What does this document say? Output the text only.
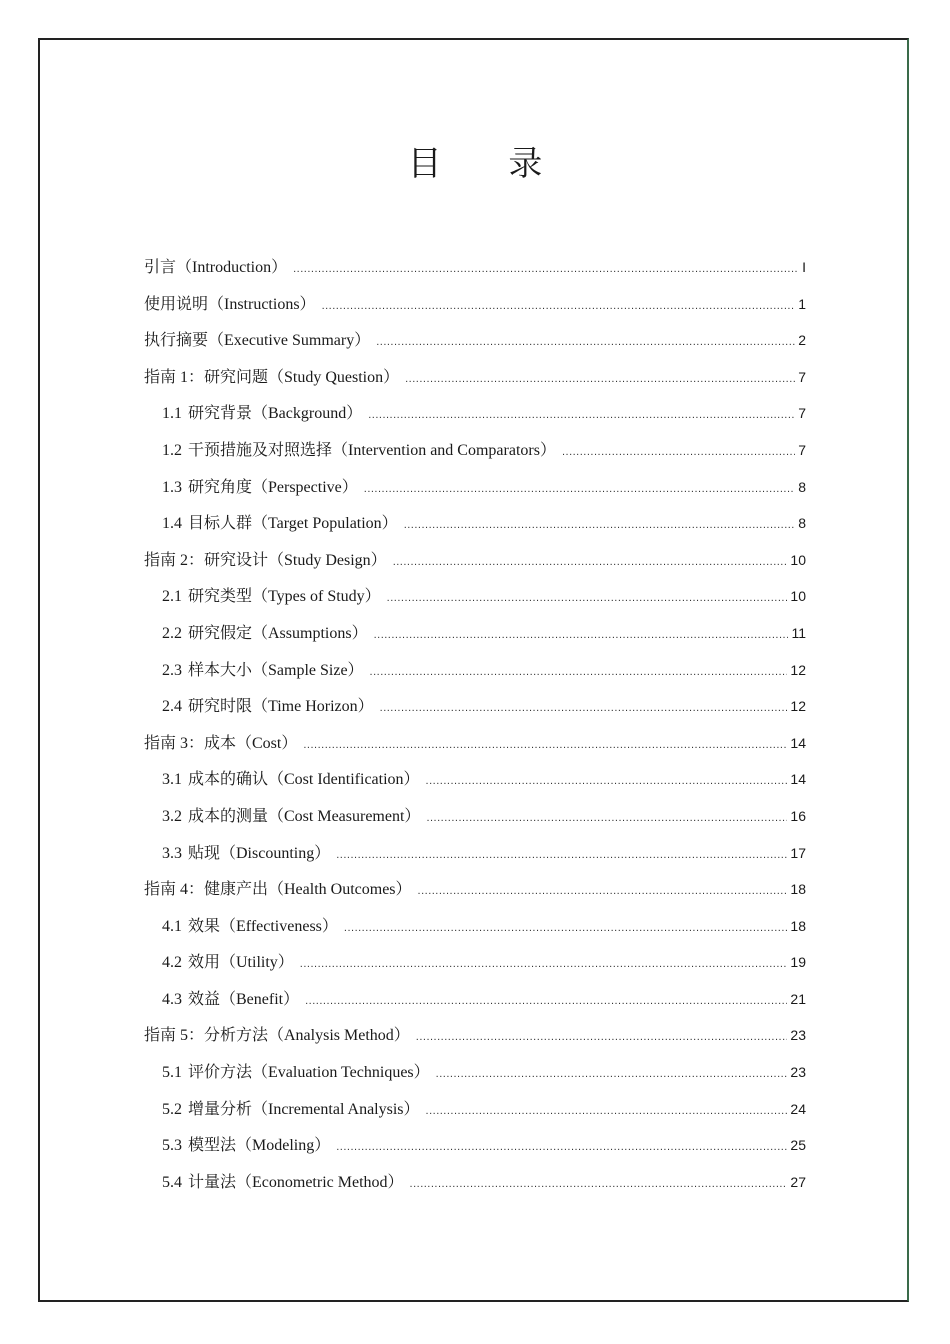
目 录
引言（Introduction） .....	I
使用说明（Instructions） .....	1
执行摘要（Executive Summary） .....	2
指南 1：研究问题（Study Question） .....	7
1.1 研究背景（Background） .....	7
1.2 干预措施及对照选择（Intervention and Comparators） .....	7
1.3 研究角度（Perspective） .....	8
1.4 目标人群（Target Population） .....	8
指南 2：研究设计（Study Design） .....	10
2.1 研究类型（Types of Study） .....	10
2.2 研究假定（Assumptions） .....	11
2.3 样本大小（Sample Size） .....	12
2.4 研究时限（Time Horizon） .....	12
指南 3：成本（Cost） .....	14
3.1 成本的确认（Cost Identification） .....	14
3.2 成本的测量（Cost Measurement） .....	16
3.3 贴现（Discounting） .....	17
指南 4：健康产出（Health Outcomes） .....	18
4.1 效果（Effectiveness） .....	18
4.2 效用（Utility） .....	19
4.3 效益（Benefit） .....	21
指南 5：分析方法（Analysis Method） .....	23
5.1 评价方法（Evaluation Techniques） .....	23
5.2 增量分析（Incremental Analysis） .....	24
5.3 模型法（Modeling） .....	25
5.4 计量法（Econometric Method） .....	27
